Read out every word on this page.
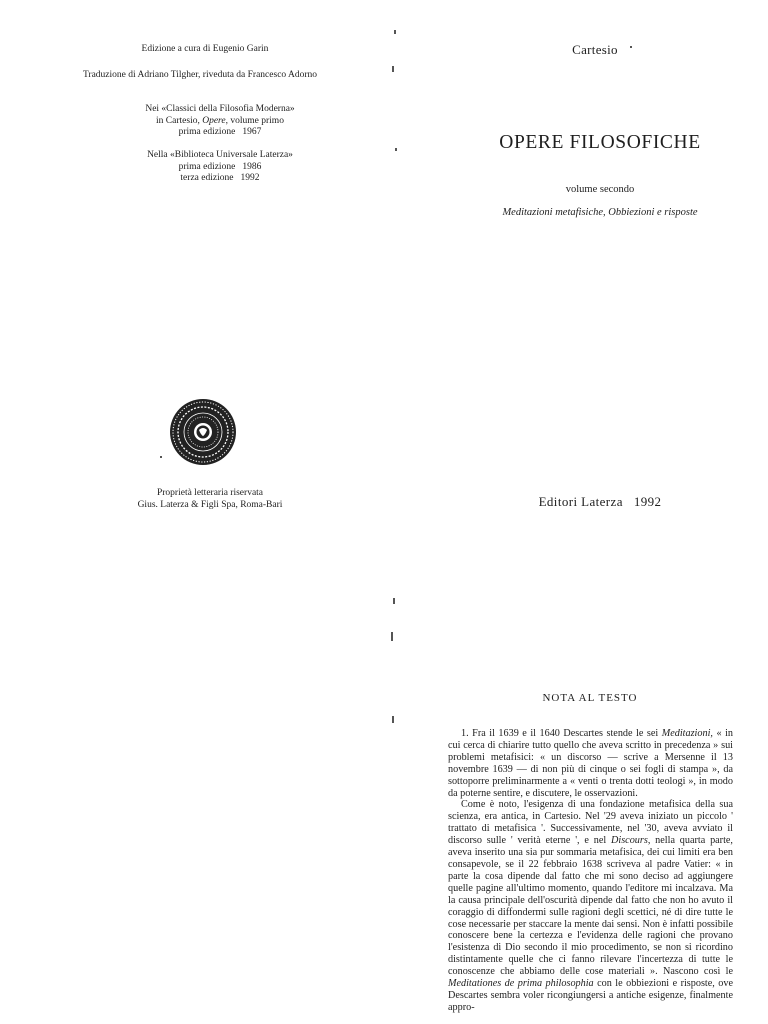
Edizione a cura di Eugenio Garin
Traduzione di Adriano Tilgher, riveduta da Francesco Adorno
Nei «Classici della Filosofia Moderna»
in Cartesio, Opere, volume primo
prima edizione   1967
Nella «Biblioteca Universale Laterza»
prima edizione   1986
terza edizione   1992
Proprietà letteraria riservata
Gius. Laterza & Figli Spa, Roma-Bari
Cartesio
OPERE FILOSOFICHE
volume secondo
Meditazioni metafisiche, Obbiezioni e risposte
Editori Laterza   1992
NOTA AL TESTO

1. Fra il 1639 e il 1640 Descartes stende le sei Meditazioni, « in cui cerca di chiarire tutto quello che aveva scritto in precedenza » sui problemi metafisici: « un discorso — scrive a Mersenne il 13 novembre 1639 — di non più di cinque o sei fogli di stampa », da sottoporre preliminarmente a « venti o trenta dotti teologi », in modo da poterne sentire, e discutere, le osservazioni.

Come è noto, l'esigenza di una fondazione metafisica della sua scienza, era antica, in Cartesio. Nel '29 aveva iniziato un piccolo ' trattato di metafisica '. Successivamente, nel '30, aveva avviato il discorso sulle ' verità eterne ', e nel Discours, nella quarta parte, aveva inserito una sia pur sommaria metafisica, dei cui limiti era ben consapevole, se il 22 febbraio 1638 scriveva al padre Vatier: « in parte la cosa dipende dal fatto che mi sono deciso ad aggiungere quelle pagine all'ultimo momento, quando l'editore mi incalzava. Ma la causa principale dell'oscurità dipende dal fatto che non ho avuto il coraggio di diffondermi sulle ragioni degli scettici, né di dire tutte le cose necessarie per staccare la mente dai sensi. Non è infatti possibile conoscere bene la certezza e l'evidenza delle ragioni che provano l'esistenza di Dio secondo il mio procedimento, se non si ricordino distintamente quelle che ci fanno rilevare l'incertezza di tutte le conoscenze che abbiamo delle cose materiali ». Nascono così le Meditationes de prima philosophia con le obbiezioni e risposte, ove Descartes sembra voler ricongiungersi a antiche esigenze, finalmente appro-
